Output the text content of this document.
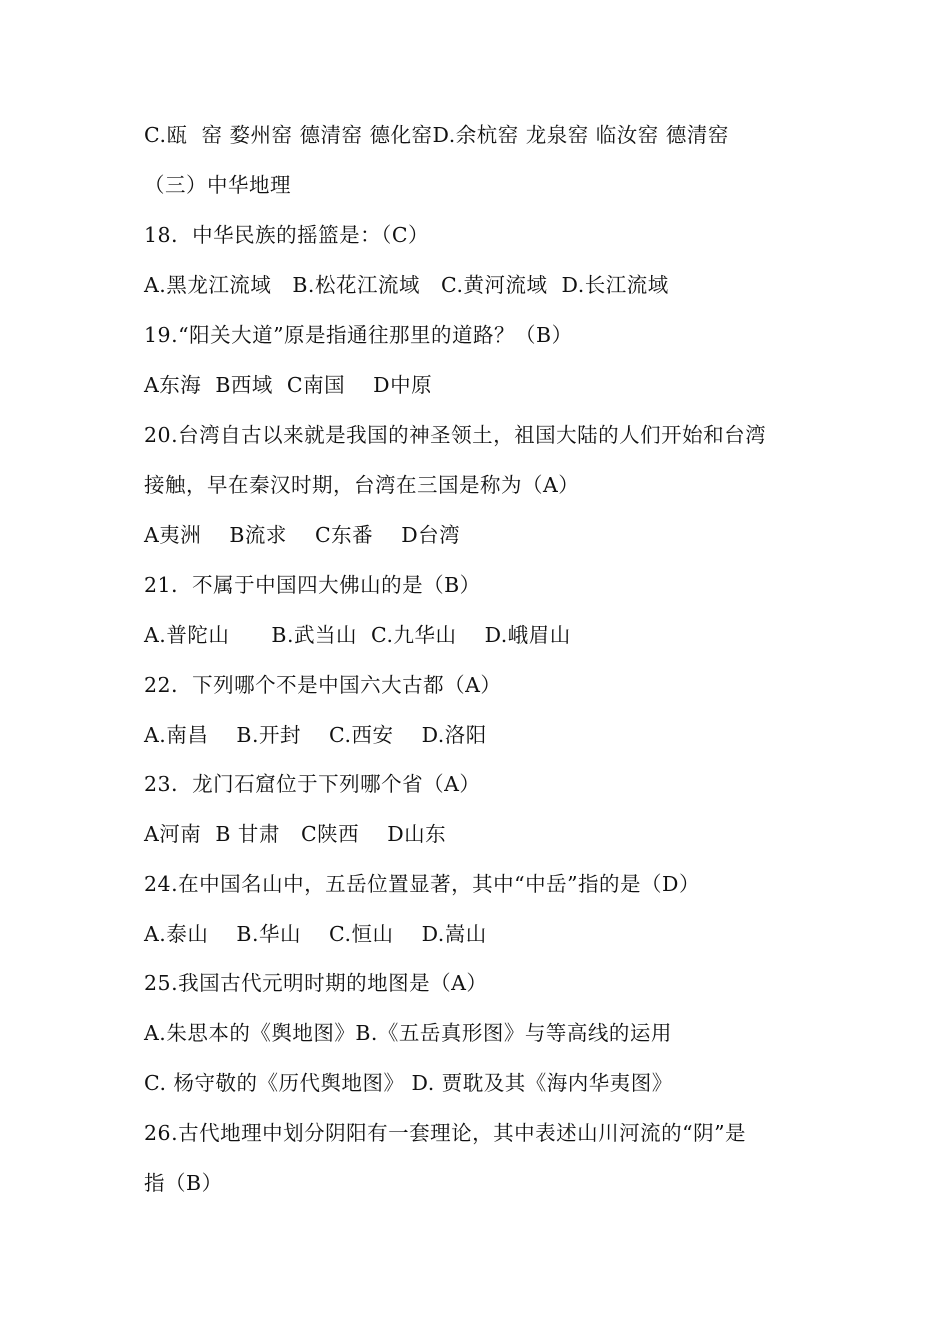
C.瓯  窑 婺州窑 德清窑 德化窑D.余杭窑 龙泉窑 临汝窑 德清窑
（三）中华地理
18．中华民族的摇篮是：（C）
A.黑龙江流域   B.松花江流域   C.黄河流域  D.长江流域
19.“阳关大道”原是指通往那里的道路？（B）
A东海  B西域  C南国    D中原
20.台湾自古以来就是我国的神圣领土，祖国大陆的人们开始和台湾
接触，早在秦汉时期，台湾在三国是称为（A）
A夷洲    B流求    C东番    D台湾
21．不属于中国四大佛山的是（B）
A.普陀山      B.武当山  C.九华山    D.峨眉山
22．下列哪个不是中国六大古都（A）
A.南昌    B.开封    C.西安    D.洛阳
23．龙门石窟位于下列哪个省（A）
A河南  B 甘肃   C陕西    D山东
24.在中国名山中，五岳位置显著，其中“中岳”指的是（D）
A.泰山    B.华山    C.恒山    D.嵩山
25.我国古代元明时期的地图是（A）
A.朱思本的《舆地图》B.《五岳真形图》与等高线的运用
C. 杨守敬的《历代舆地图》 D. 贾耽及其《海内华夷图》
26.古代地理中划分阴阳有一套理论，其中表述山川河流的“阴”是
指（B）
